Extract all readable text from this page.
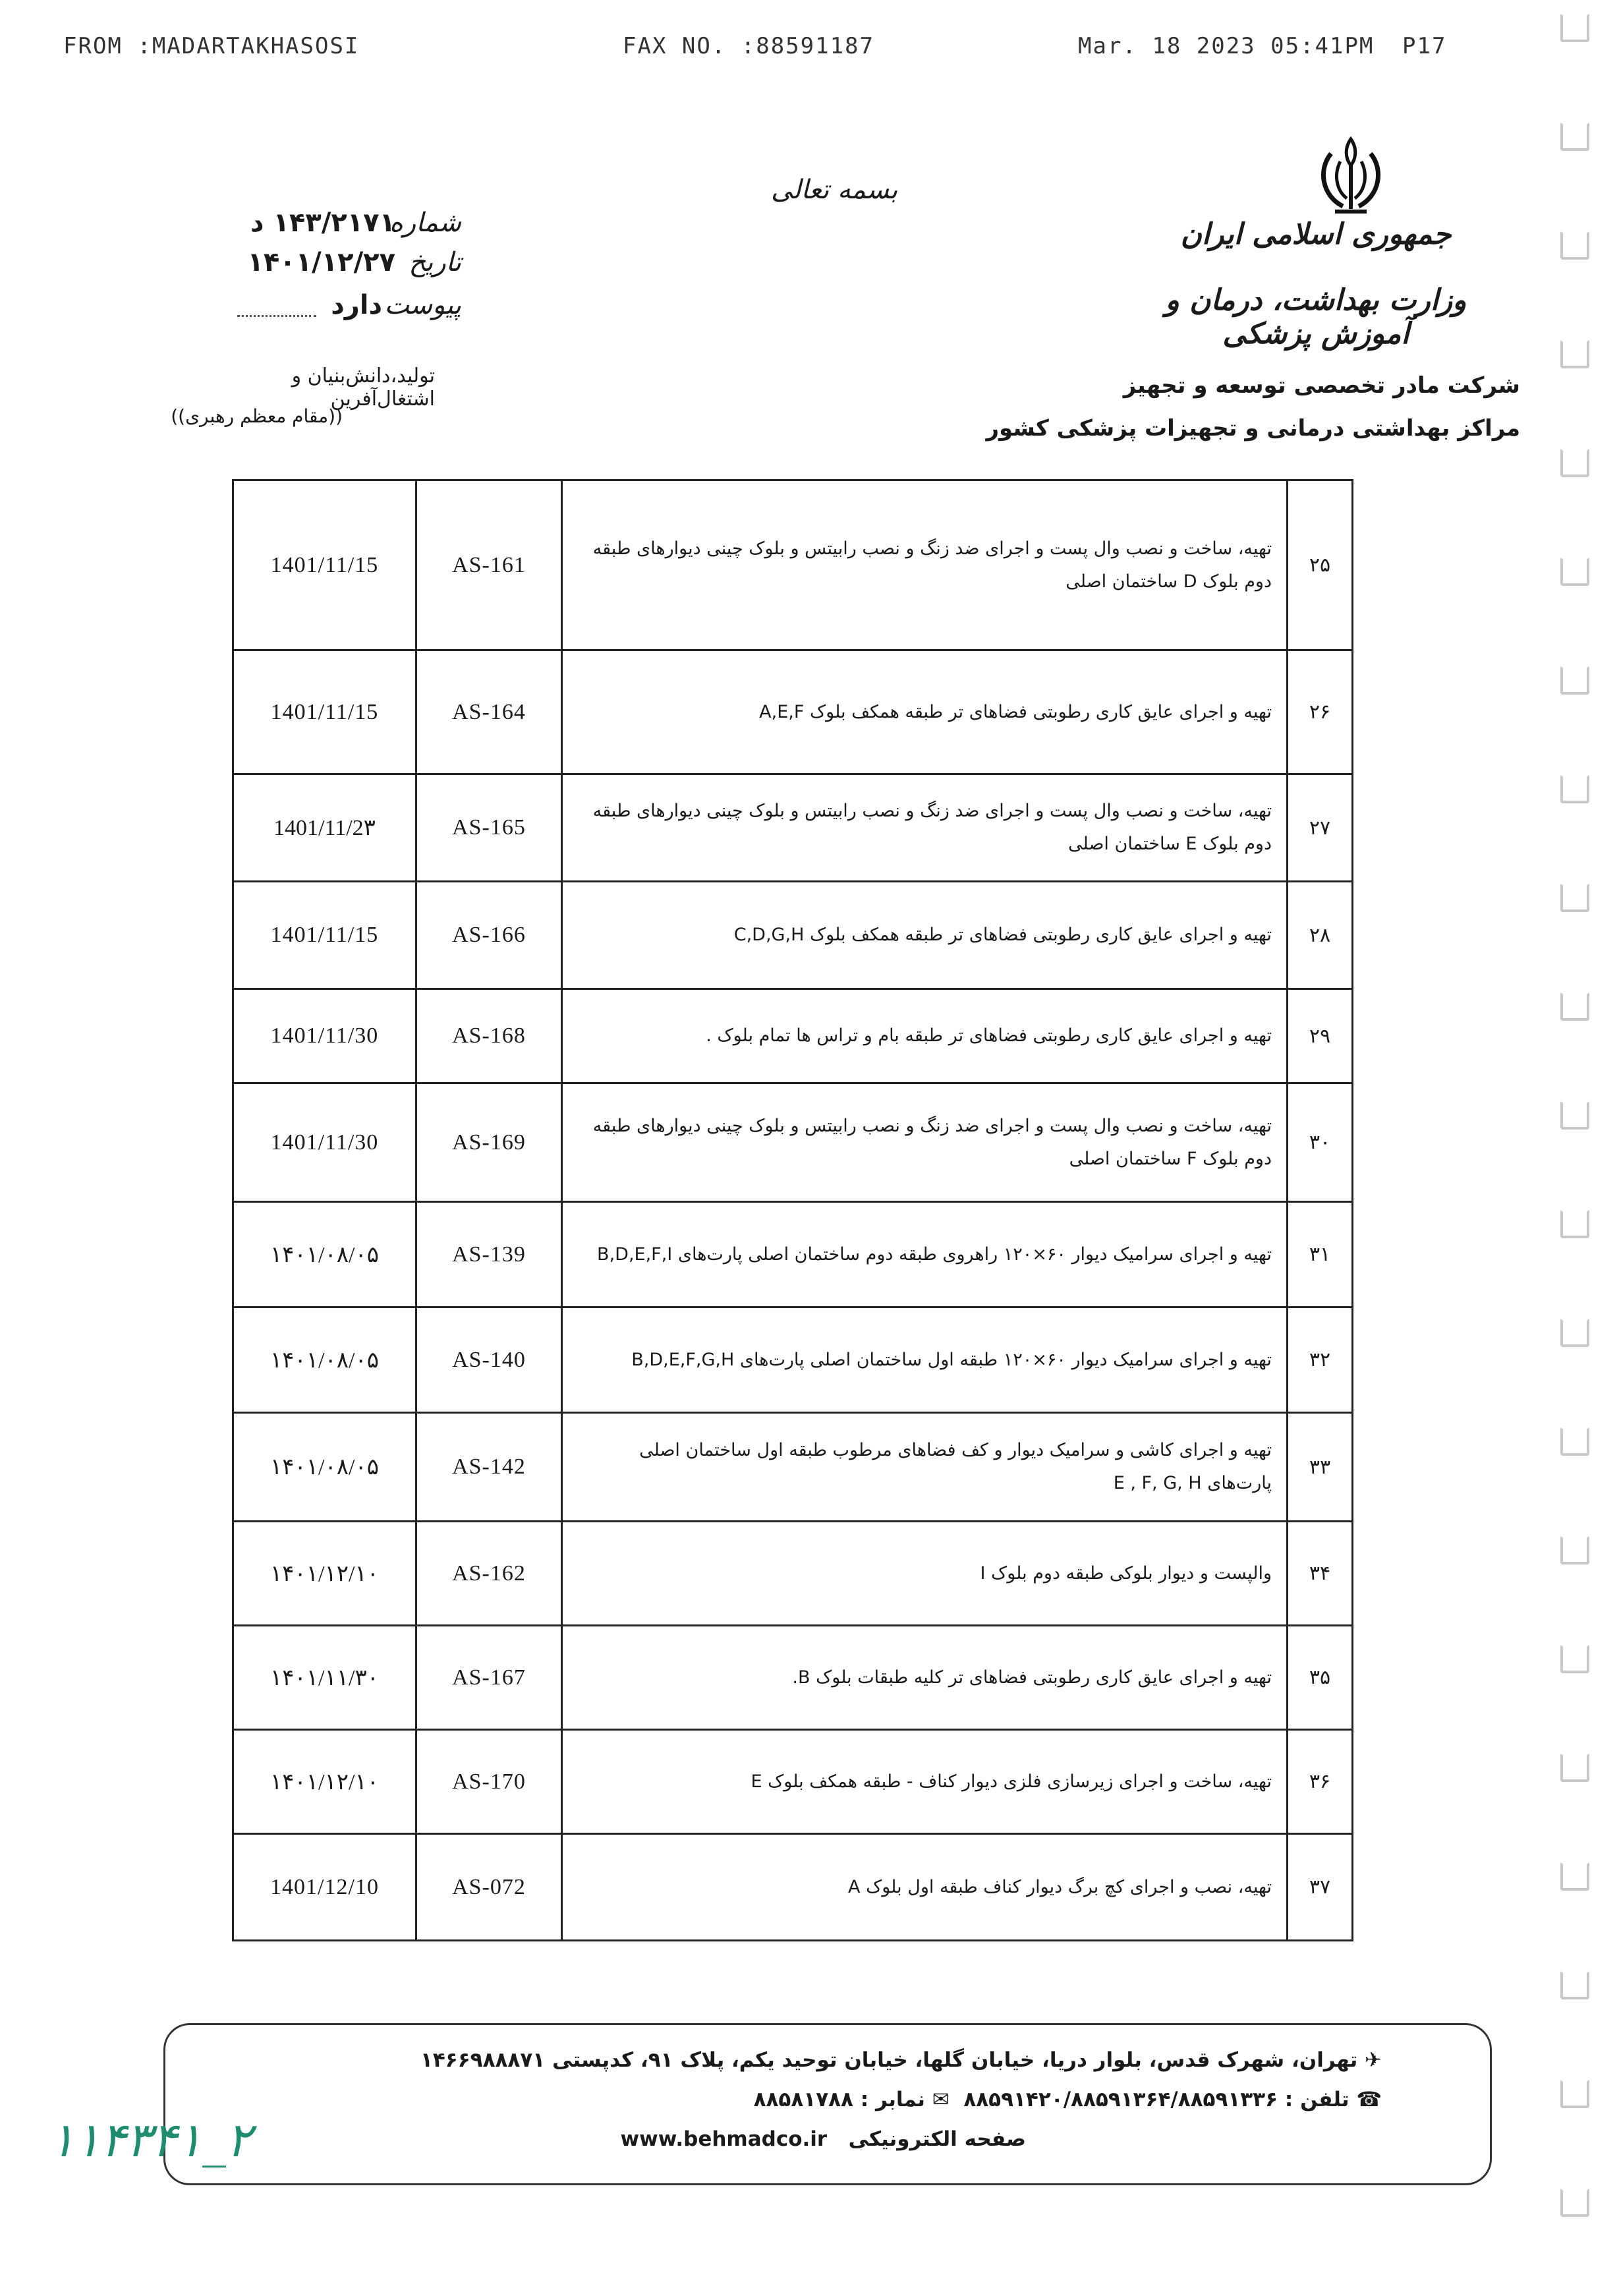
FROM :MADARTAKHASOSI	FAX NO. :88591187	Mar. 18 2023 05:41PM P17
بسمه تعالی
جمهوری اسلامی ایران
وزارت بهداشت، درمان و آموزش پزشکی
شرکت مادر تخصصی توسعه و تجهیز
مراکز بهداشتی درمانی و تجهیزات پزشکی کشور
شماره
۱۴۳/۲۱۷۱ د
تاریخ
۱۴۰۱/۱۲/۲۷
پیوست
دارد
تولید،دانش‌بنیان و اشتغال‌آفرین
((مقام معظم رهبری))
1401/11/15	AS-161	تهیه، ساخت و نصب وال پست و اجرای ضد زنگ و نصب رابیتس و بلوک چینی دیوارهای طبقه دوم بلوک D ساختمان اصلی	۲۵
1401/11/15	AS-164	تهیه و اجرای عایق کاری رطوبتی فضاهای تر طبقه همکف بلوک A,E,F	۲۶
1401/11/2۳	AS-165	تهیه، ساخت و نصب وال پست و اجرای ضد زنگ و نصب رابیتس و بلوک چینی دیوارهای طبقه دوم بلوک E ساختمان اصلی	۲۷
1401/11/15	AS-166	تهیه و اجرای عایق کاری رطوبتی فضاهای تر طبقه همکف بلوک C,D,G,H	۲۸
1401/11/30	AS-168	تهیه و اجرای عایق کاری رطوبتی فضاهای تر طبقه بام و تراس ها تمام بلوک .	۲۹
1401/11/30	AS-169	تهیه، ساخت و نصب وال پست و اجرای ضد زنگ و نصب رابیتس و بلوک چینی دیوارهای طبقه دوم بلوک F ساختمان اصلی	۳۰
۱۴۰۱/۰۸/۰۵	AS-139	تهیه و اجرای سرامیک دیوار ۶۰×۱۲۰ راهروی طبقه دوم ساختمان اصلی پارت‌های B,D,E,F,I	۳۱
۱۴۰۱/۰۸/۰۵	AS-140	تهیه و اجرای سرامیک دیوار ۶۰×۱۲۰ طبقه اول ساختمان اصلی پارت‌های B,D,E,F,G,H	۳۲
۱۴۰۱/۰۸/۰۵	AS-142	تهیه و اجرای کاشی و سرامیک دیوار و کف فضاهای مرطوب طبقه اول ساختمان اصلی پارت‌های E , F, G, H	۳۳
۱۴۰۱/۱۲/۱۰	AS-162	والپست و دیوار بلوکی طبقه دوم بلوک I	۳۴
۱۴۰۱/۱۱/۳۰	AS-167	تهیه و اجرای عایق کاری رطوبتی فضاهای تر کلیه طبقات بلوک B.	۳۵
۱۴۰۱/۱۲/۱۰	AS-170	تهیه، ساخت و اجرای زیرسازی فلزی دیوار کناف - طبقه همکف بلوک E	۳۶
1401/12/10	AS-072	تهیه، نصب و اجرای کچ برگ دیوار کناف طبقه اول بلوک A	۳۷
✈ تهران، شهرک قدس، بلوار دریا، خیابان گلها، خیابان توحید یکم، پلاک ۹۱، کدپستی ۱۴۶۶۹۸۸۸۷۱
☎ تلفن : ۸۸۵۹۱۴۲۰/۸۸۵۹۱۳۶۴/۸۸۵۹۱۳۳۶  ✉ نمابر : ۸۸۵۸۱۷۸۸
صفحه الکترونیکی   www.behmadco.ir
۱۱۴۳۴۱_۲
